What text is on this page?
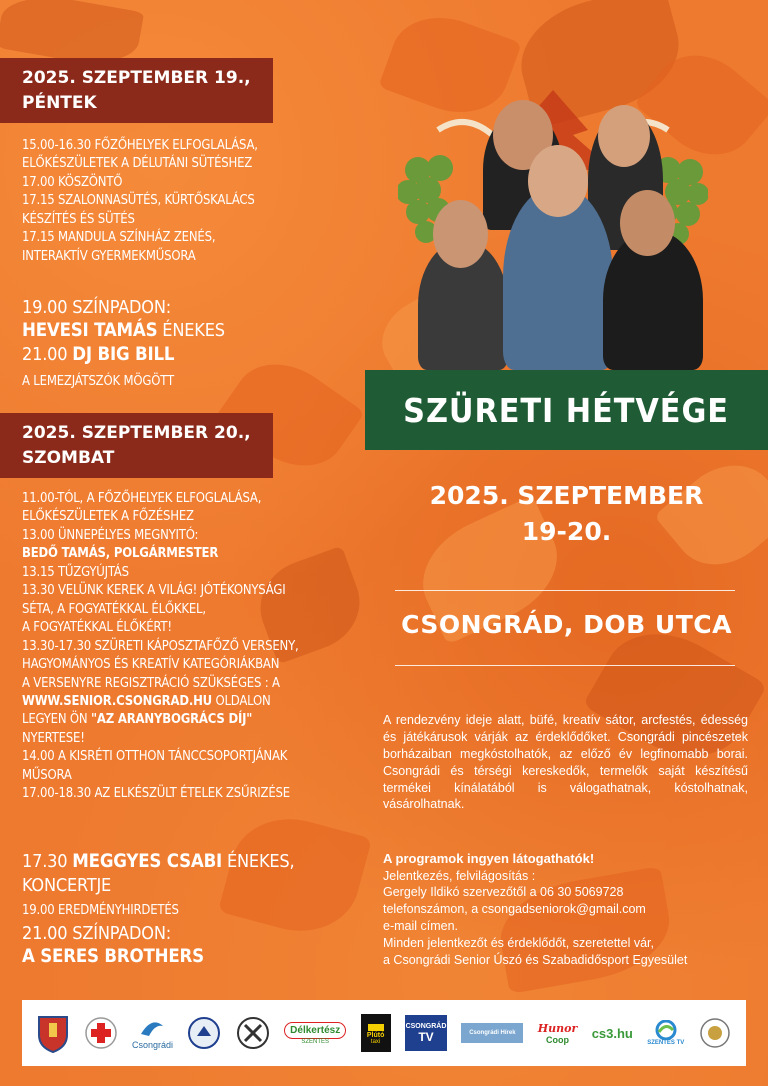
2025. SZEPTEMBER 19.,
PÉNTEK
15.00-16.30 FŐZŐHELYEK ELFOGLALÁSA,
ELŐKÉSZÜLETEK A DÉLUTÁNI SÜTÉSHEZ
17.00 KÖSZÖNTŐ
17.15 SZALONNASÜTÉS, KÜRTŐSKALÁCS
KÉSZÍTÉS ÉS SÜTÉS
17.15 MANDULA SZÍNHÁZ ZENÉS,
INTERAKTÍV GYERMEKMŰSORA
19.00 SZÍNPADON:
HEVESI TAMÁS ÉNEKES
21.00 DJ BIG BILL
A LEMEZJÁTSZÓK MÖGÖTT
2025. SZEPTEMBER 20.,
SZOMBAT
11.00-TÓL, A FŐZŐHELYEK ELFOGLALÁSA,
ELŐKÉSZÜLETEK A FŐZÉSHEZ
13.00 ÜNNEPÉLYES MEGNYITÓ:
BEDŐ TAMÁS, POLGÁRMESTER
13.15 TŰZGYÚJTÁS
13.30 VELÜNK KEREK A VILÁG! JÓTÉKONYSÁGI
SÉTA, A FOGYATÉKKAL ÉLŐKKEL,
A FOGYATÉKKAL ÉLŐKÉRT!
13.30-17.30 SZÜRETI KÁPOSZTAFŐZŐ VERSENY,
HAGYOMÁNYOS ÉS KREATÍV KATEGÓRIÁKBAN
A VERSENYRE REGISZTRÁCIÓ SZÜKSÉGES : A
WWW.SENIOR.CSONGRAD.HU OLDALON
LEGYEN ÖN "AZ ARANYBOGRÁCS DÍJ"
NYERTESE!
14.00 A KISRÉTI OTTHON TÁNCCSOPORTJÁNAK
MŰSORA
17.00-18.30 AZ ELKÉSZÜLT ÉTELEK ZSŰRIZÉSE
17.30 MEGGYES CSABI ÉNEKES,
KONCERTJE
19.00 EREDMÉNYHIRDETÉS
21.00 SZÍNPADON:
A SERES BROTHERS
SZÜRETI HÉTVÉGE
2025. SZEPTEMBER
19-20.
CSONGRÁD, DOB UTCA
A rendezvény ideje alatt, büfé, kreatív sátor, arcfestés, édesség és játékárusok várják az érdeklődőket. Csongrádi pincészetek borházaiban megkóstolhatók, az előző év legfinomabb borai. Csongrádi és térségi kereskedők, termelők saját készítésű termékei kínálatából is válogathatnak, kóstolhatnak, vásárolhatnak.
A programok ingyen látogathatók!
Jelentkezés, felvilágosítás :
Gergely Ildikó szervezőtől a 06 30 5069728
telefonszámon, a csongadseniorok@gmail.com
e-mail címen.
Minden jelentkezőt és érdeklődőt, szeretettel vár,
a Csongrádi Senior Úszó és Szabadidősport Egyesület
Csongrádi
Délkertész
SZENTES
Plútó
taxi
CSONGRÁD
TV	Csongrádi Hírek Hunor
Coop cs3.hu
SZENTES TV
